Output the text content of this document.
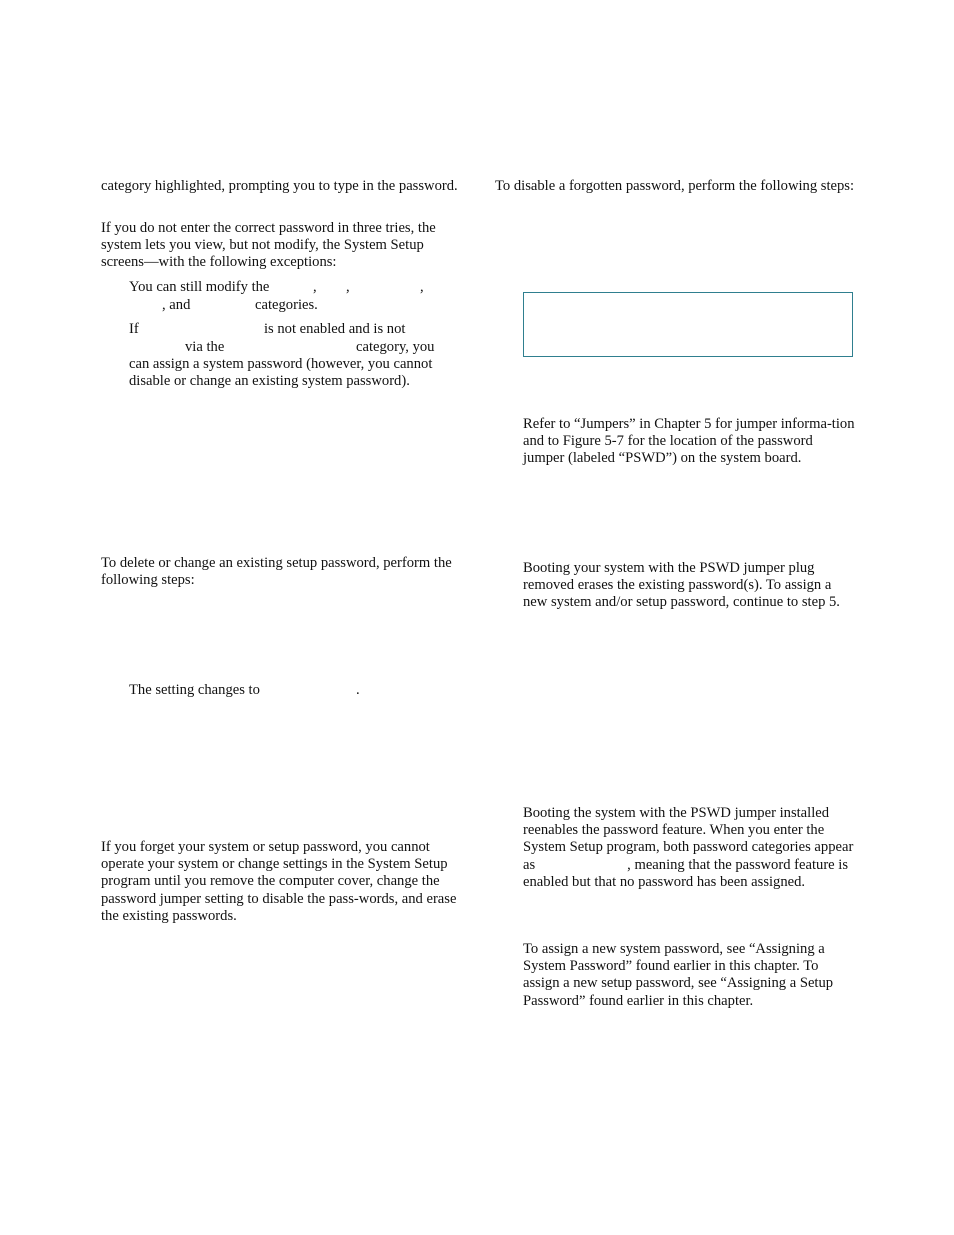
category highlighted, prompting you to type in the password.

If you do not enter the correct password in three tries, the system lets you view, but not modify, the System Setup screens—with the following exceptions:

You can still modify the	, ,	,
, and	categories.
If	is not enabled and is not
via the	category, you

can assign a system password (however, you cannot disable or change an existing system password).

To delete or change an existing setup password, perform the following steps:

The setting changes to	.

If you forget your system or setup password, you cannot operate your system or change settings in the System Setup program until you remove the computer cover, change the password jumper setting to disable the pass-words, and erase the existing passwords.

To disable a forgotten password, perform the following steps:

Refer to “Jumpers” in Chapter 5 for jumper informa-tion and to Figure 5-7 for the location of the password jumper (labeled “PSWD”) on the system board.

Booting your system with the PSWD jumper plug removed erases the existing password(s). To assign a new system and/or setup password, continue to step 5.

Booting the system with the PSWD jumper installed reenables the password feature. When you enter the System Setup program, both password categories appear as	, meaning that the password feature is enabled but that no password has been assigned.

To assign a new system password, see “Assigning a System Password” found earlier in this chapter. To assign a new setup password, see “Assigning a Setup Password” found earlier in this chapter.
